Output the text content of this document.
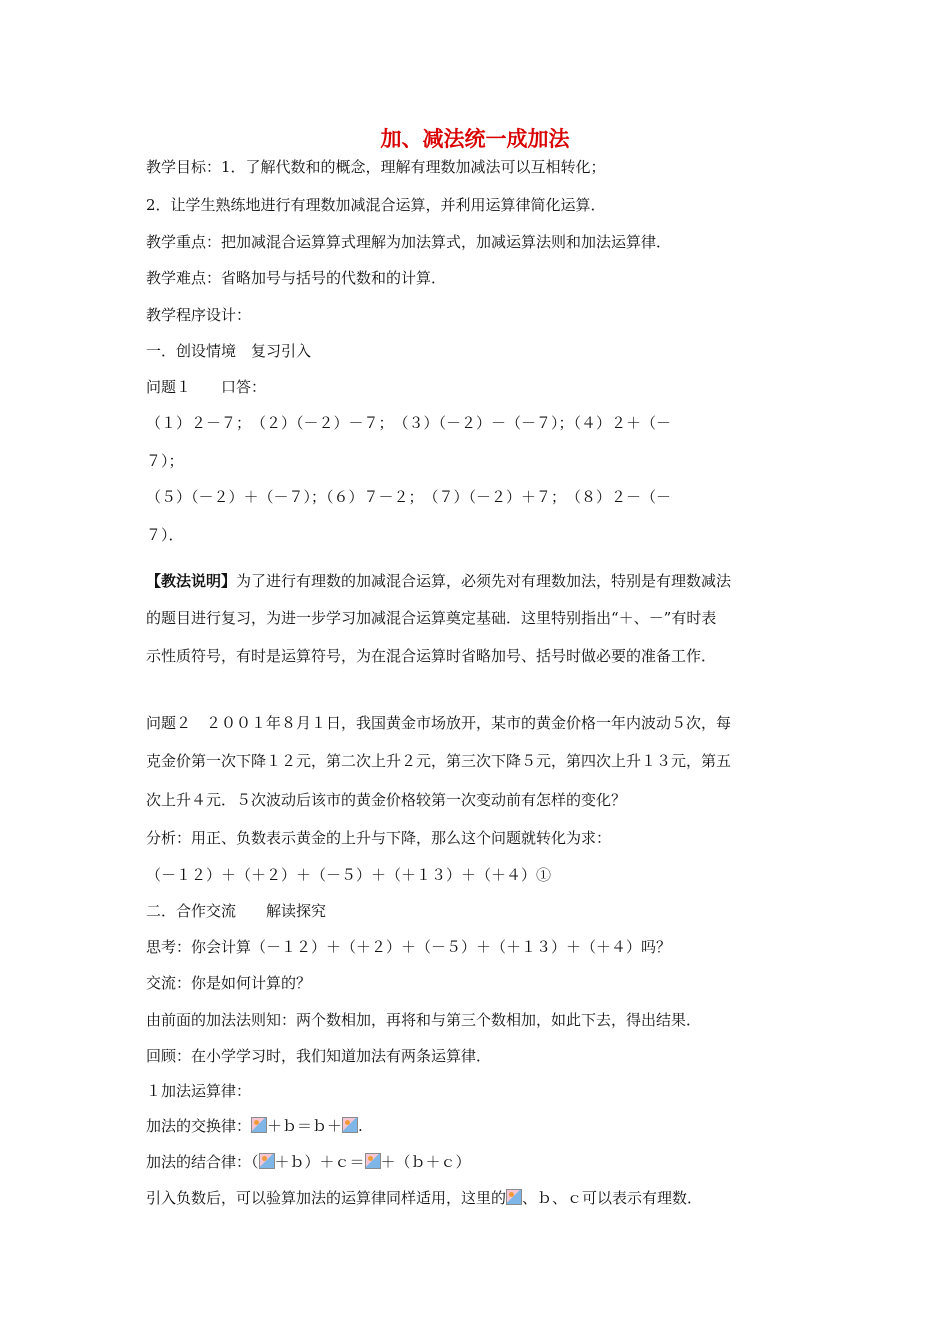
加、减法统一成加法

教学目标：1．了解代数和的概念，理解有理数加减法可以互相转化；

2．让学生熟练地进行有理数加减混合运算，并利用运算律简化运算．

教学重点：把加减混合运算算式理解为加法算式，加减运算法则和加法运算律．

教学难点：省略加号与括号的代数和的计算．

教学程序设计：

一．创设情境　复习引入

问题１　　口答：

（１）２－７；　（２）（－２）－７；　（３）（－２）－（－７）；（４）２＋（－

７）；

（５）（－２）＋（－７）；（６）７－２；　（７）（－２）＋７；　（８）２－（－

７）．

【教法说明】为了进行有理数的加减混合运算，必须先对有理数加法，特别是有理数减法

的题目进行复习，为进一步学习加减混合运算奠定基础．这里特别指出“＋、－”有时表

示性质符号，有时是运算符号，为在混合运算时省略加号、括号时做必要的准备工作．

问题２　２００１年８月１日，我国黄金市场放开，某市的黄金价格一年内波动５次，每

克金价第一次下降１２元，第二次上升２元，第三次下降５元，第四次上升１３元，第五

次上升４元．５次波动后该市的黄金价格较第一次变动前有怎样的变化？

分析：用正、负数表示黄金的上升与下降，那么这个问题就转化为求：

（－１２）＋（＋２）＋（－５）＋（＋１３）＋（＋４）①

二．合作交流　　解读探究

思考：你会计算（－１２）＋（＋２）＋（－５）＋（＋１３）＋（＋４）吗？

交流：你是如何计算的？

由前面的加法法则知：两个数相加，再将和与第三个数相加，如此下去，得出结果．

回顾：在小学学习时，我们知道加法有两条运算律．

１加法运算律：

加法的交换律： ＋ｂ＝ｂ＋ .

加法的结合律：（ ＋ｂ）＋ｃ＝ ＋（ｂ＋ｃ）

引入负数后，可以验算加法的运算律同样适用，这里的 、ｂ、ｃ可以表示有理数．
